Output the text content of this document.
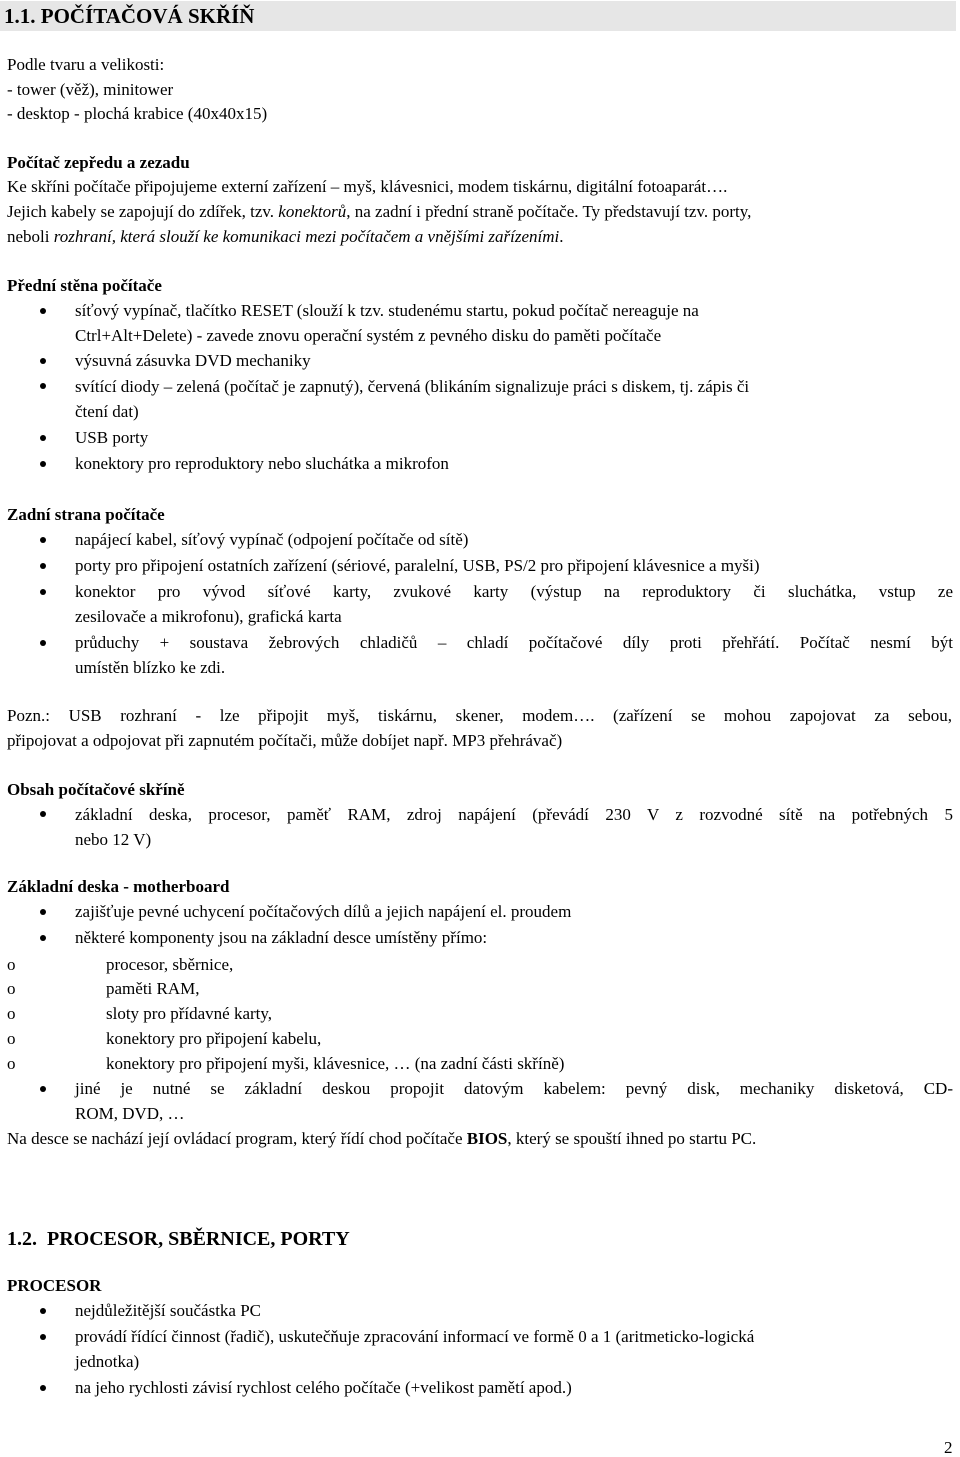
1.1. POČÍTAČOVÁ SKŘÍŇ
Podle tvaru a velikosti:
- tower (věž), minitower
- desktop - plochá krabice (40x40x15)
Počítač zepředu a zezadu
Ke skříni počítače připojujeme externí zařízení – myš, klávesnici, modem tiskárnu, digitální fotoaparát….
Jejich kabely se zapojují do zdířek, tzv. konektorů, na zadní i přední straně počítače. Ty představují tzv. porty,
neboli rozhraní, která slouží ke komunikaci mezi počítačem a vnějšími zařízeními.
Přední stěna počítače
síťový vypínač, tlačítko RESET (slouží k tzv. studenému startu, pokud počítač nereaguje na
Ctrl+Alt+Delete) - zavede znovu operační systém z pevného disku do paměti počítače
výsuvná zásuvka DVD mechaniky
svítící diody – zelená (počítač je zapnutý), červená (blikáním signalizuje práci s diskem, tj. zápis či
čtení dat)
USB porty
konektory pro reproduktory nebo sluchátka a mikrofon
Zadní strana počítače
napájecí kabel, síťový vypínač (odpojení počítače od sítě)
porty pro připojení ostatních zařízení (sériové, paralelní, USB, PS/2 pro připojení klávesnice a myši)
konektor pro vývod síťové karty, zvukové karty (výstup na reproduktory či sluchátka, vstup ze
zesilovače a mikrofonu), grafická karta
průduchy + soustava žebrových chladičů – chladí počítačové díly proti přehřátí. Počítač nesmí být
umístěn blízko ke zdi.
Pozn.: USB rozhraní - lze připojit myš, tiskárnu, skener, modem…. (zařízení se mohou zapojovat za sebou,
připojovat a odpojovat při zapnutém počítači, může dobíjet např. MP3 přehrávač)
Obsah počítačové skříně
základní deska, procesor, paměť RAM, zdroj napájení (převádí 230 V z rozvodné sítě na potřebných 5
nebo 12 V)
Základní deska - motherboard
zajišťuje pevné uchycení počítačových dílů a jejich napájení el. proudem
některé komponenty jsou na základní desce umístěny přímo:
o	procesor, sběrnice,
o	paměti RAM,
o	sloty pro přídavné karty,
o	konektory pro připojení kabelu,
o	konektory pro připojení myši, klávesnice, … (na zadní části skříně)
jiné je nutné se základní deskou propojit datovým kabelem: pevný disk, mechaniky disketová, CD-
ROM, DVD, …
Na desce se nachází její ovládací program, který řídí chod počítače BIOS, který se spouští ihned po startu PC.
1.2. PROCESOR, SBĚRNICE, PORTY
PROCESOR
nejdůležitější součástka PC
provádí řídící činnost (řadič), uskutečňuje zpracování informací ve formě 0 a 1 (aritmeticko-logická
jednotka)
na jeho rychlosti závisí rychlost celého počítače (+velikost pamětí apod.)
2
